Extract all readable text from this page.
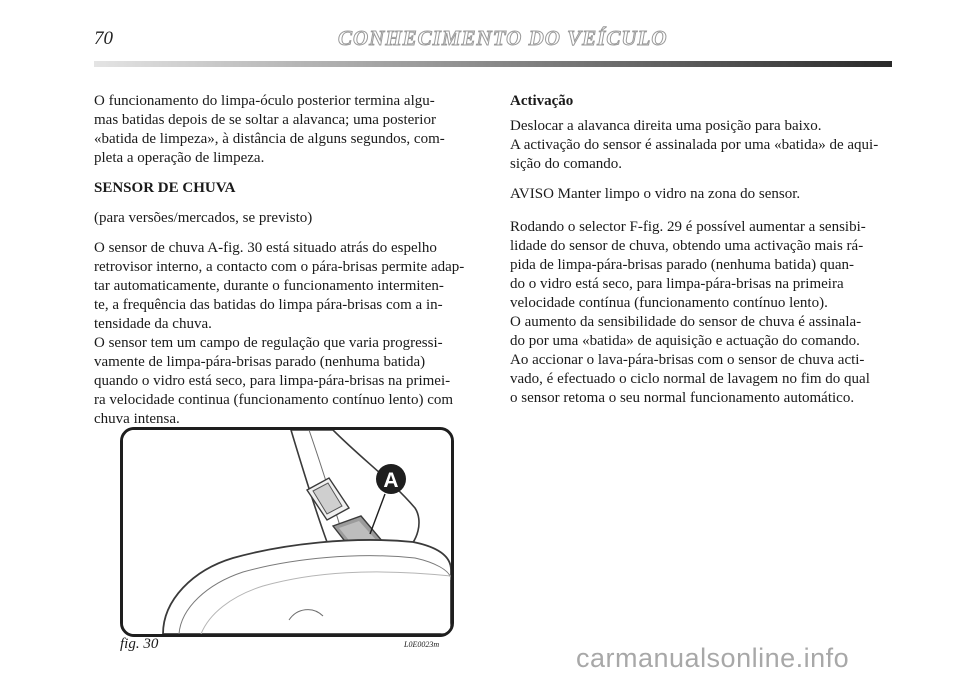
70	CONHECIMENTO DO VEÍCULO

O funcionamento do limpa-óculo posterior termina algu-
mas batidas depois de se soltar a alavanca; uma posterior
«batida de limpeza», à distância de alguns segundos, com-
pleta a operação de limpeza.

SENSOR DE CHUVA

(para versões/mercados, se previsto)

O sensor de chuva A-fig. 30 está situado atrás do espelho
retrovisor interno, a contacto com o pára-brisas permite adap-
tar automaticamente, durante o funcionamento intermiten-
te, a frequência das batidas do limpa pára-brisas com a in-
tensidade da chuva.

O sensor tem um campo de regulação que varia progressi-
vamente de limpa-pára-brisas parado (nenhuma batida)
quando o vidro está seco, para limpa-pára-brisas na primei-
ra velocidade continua (funcionamento contínuo lento) com
chuva intensa.

Activação

Deslocar a alavanca direita uma posição para baixo.

A activação do sensor é assinalada por uma «batida» de aqui-
sição do comando.

AVISO Manter limpo o vidro na zona do sensor.

Rodando o selector F-fig. 29 é possível aumentar a sensibi-
lidade do sensor de chuva, obtendo uma activação mais rá-
pida de limpa-pára-brisas parado (nenhuma batida) quan-
do o vidro está seco, para limpa-pára-brisas na primeira
velocidade contínua (funcionamento contínuo lento).

O aumento da sensibilidade do sensor de chuva é assinala-
do por uma «batida» de aquisição e actuação do comando.

Ao accionar o lava-pára-brisas com o sensor de chuva acti-
vado, é efectuado o ciclo normal de lavagem no fim do qual
o sensor retoma o seu normal funcionamento automático.

A
fig. 30	L0E0023m	carmanualsonline.info
